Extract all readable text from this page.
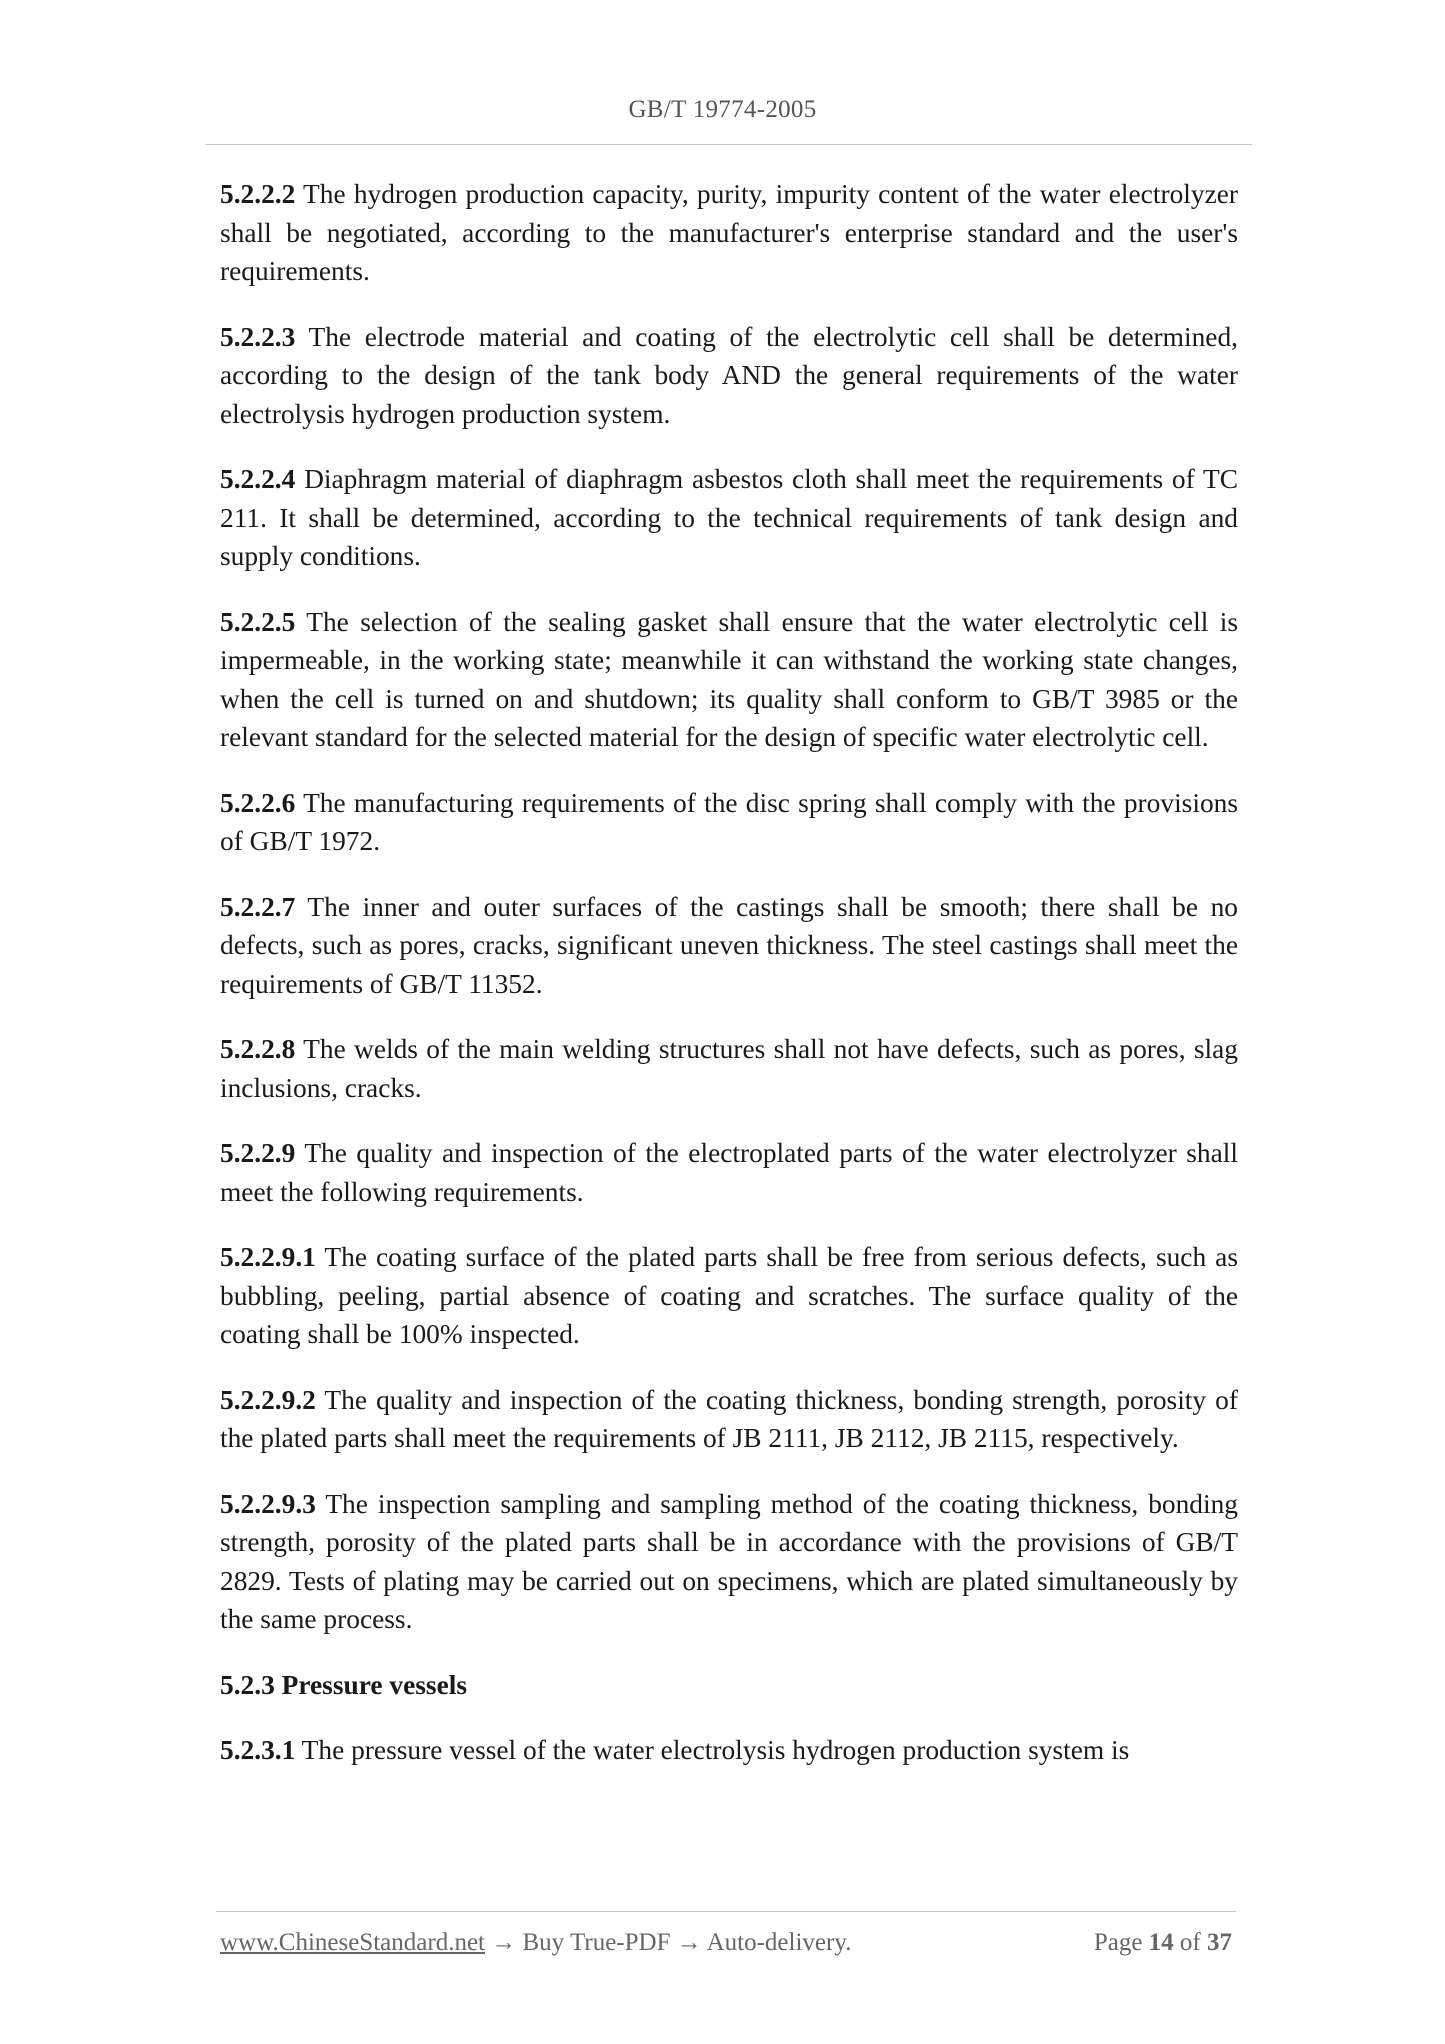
GB/T 19774-2005

5.2.2.2 The hydrogen production capacity, purity, impurity content of the water electrolyzer shall be negotiated, according to the manufacturer's enterprise standard and the user's requirements.

5.2.2.3 The electrode material and coating of the electrolytic cell shall be determined, according to the design of the tank body AND the general requirements of the water electrolysis hydrogen production system.

5.2.2.4 Diaphragm material of diaphragm asbestos cloth shall meet the requirements of TC 211. It shall be determined, according to the technical requirements of tank design and supply conditions.

5.2.2.5 The selection of the sealing gasket shall ensure that the water electrolytic cell is impermeable, in the working state; meanwhile it can withstand the working state changes, when the cell is turned on and shutdown; its quality shall conform to GB/T 3985 or the relevant standard for the selected material for the design of specific water electrolytic cell.

5.2.2.6 The manufacturing requirements of the disc spring shall comply with the provisions of GB/T 1972.

5.2.2.7 The inner and outer surfaces of the castings shall be smooth; there shall be no defects, such as pores, cracks, significant uneven thickness. The steel castings shall meet the requirements of GB/T 11352.

5.2.2.8 The welds of the main welding structures shall not have defects, such as pores, slag inclusions, cracks.

5.2.2.9 The quality and inspection of the electroplated parts of the water electrolyzer shall meet the following requirements.

5.2.2.9.1 The coating surface of the plated parts shall be free from serious defects, such as bubbling, peeling, partial absence of coating and scratches. The surface quality of the coating shall be 100% inspected.

5.2.2.9.2 The quality and inspection of the coating thickness, bonding strength, porosity of the plated parts shall meet the requirements of JB 2111, JB 2112, JB 2115, respectively.

5.2.2.9.3 The inspection sampling and sampling method of the coating thickness, bonding strength, porosity of the plated parts shall be in accordance with the provisions of GB/T 2829. Tests of plating may be carried out on specimens, which are plated simultaneously by the same process.

5.2.3 Pressure vessels

5.2.3.1 The pressure vessel of the water electrolysis hydrogen production system is

www.ChineseStandard.net → Buy True-PDF → Auto-delivery.	Page 14 of 37
